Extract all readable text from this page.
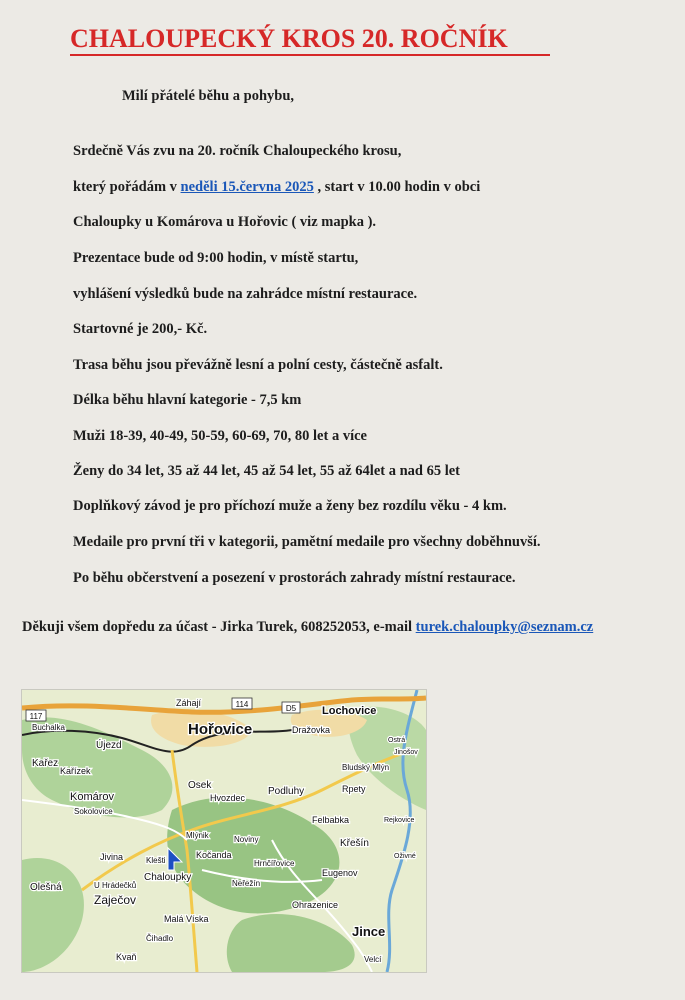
CHALOUPECKÝ KROS 20. ROČNÍK

Milí přátelé běhu a pohybu,

Srdečně Vás zvu na 20. ročník Chaloupeckého krosu,

který pořádám v neděli 15.června 2025 , start v 10.00 hodin v obci

Chaloupky u Komárova u Hořovic ( viz mapka ).

Prezentace bude od 9:00 hodin, v místě startu,

vyhlášení výsledků bude na zahrádce místní restaurace.

Startovné je 200,- Kč.

Trasa běhu jsou převážně lesní a polní cesty, částečně asfalt.

Délka běhu hlavní kategorie - 7,5 km

Muži 18-39, 40-49, 50-59, 60-69, 70, 80 let a více

Ženy do 34 let, 35 až 44 let, 45 až 54 let, 55 až 64let a nad 65 let

Doplňkový závod je pro příchozí muže a ženy bez rozdílu věku - 4 km.

Medaile pro první tři v kategorii, pamětní medaile pro všechny doběhnuvší.

Po běhu občerstvení a posezení v prostorách zahrady místní restaurace.

Děkuji všem dopředu za účast - Jirka Turek, 608252053, e-mail turek.chaloupky@seznam.cz

Hořovice
Lochovice
Záhají
Buchalka
Újezd
Kařez
Kařízek
Komárov
Sokolovice
Osek
Hvozdec
Podluhy
Dražovka
Bludský Mlýn
Rpety
Felbabka
Křešín
Noviny
Mlýnik
Kočanda
Klešti
Jivina
Chaloupky
Hrnčířovice
Olešná	U Hrádečků
Zaječov
Neřežín
Eugenov
Ohrazenice
Malá Víska
Čihadlo
Kvaň
Jince
Velcí
Rejkovice
Jinošov
Ostrá
Oživné
114
117
D5
